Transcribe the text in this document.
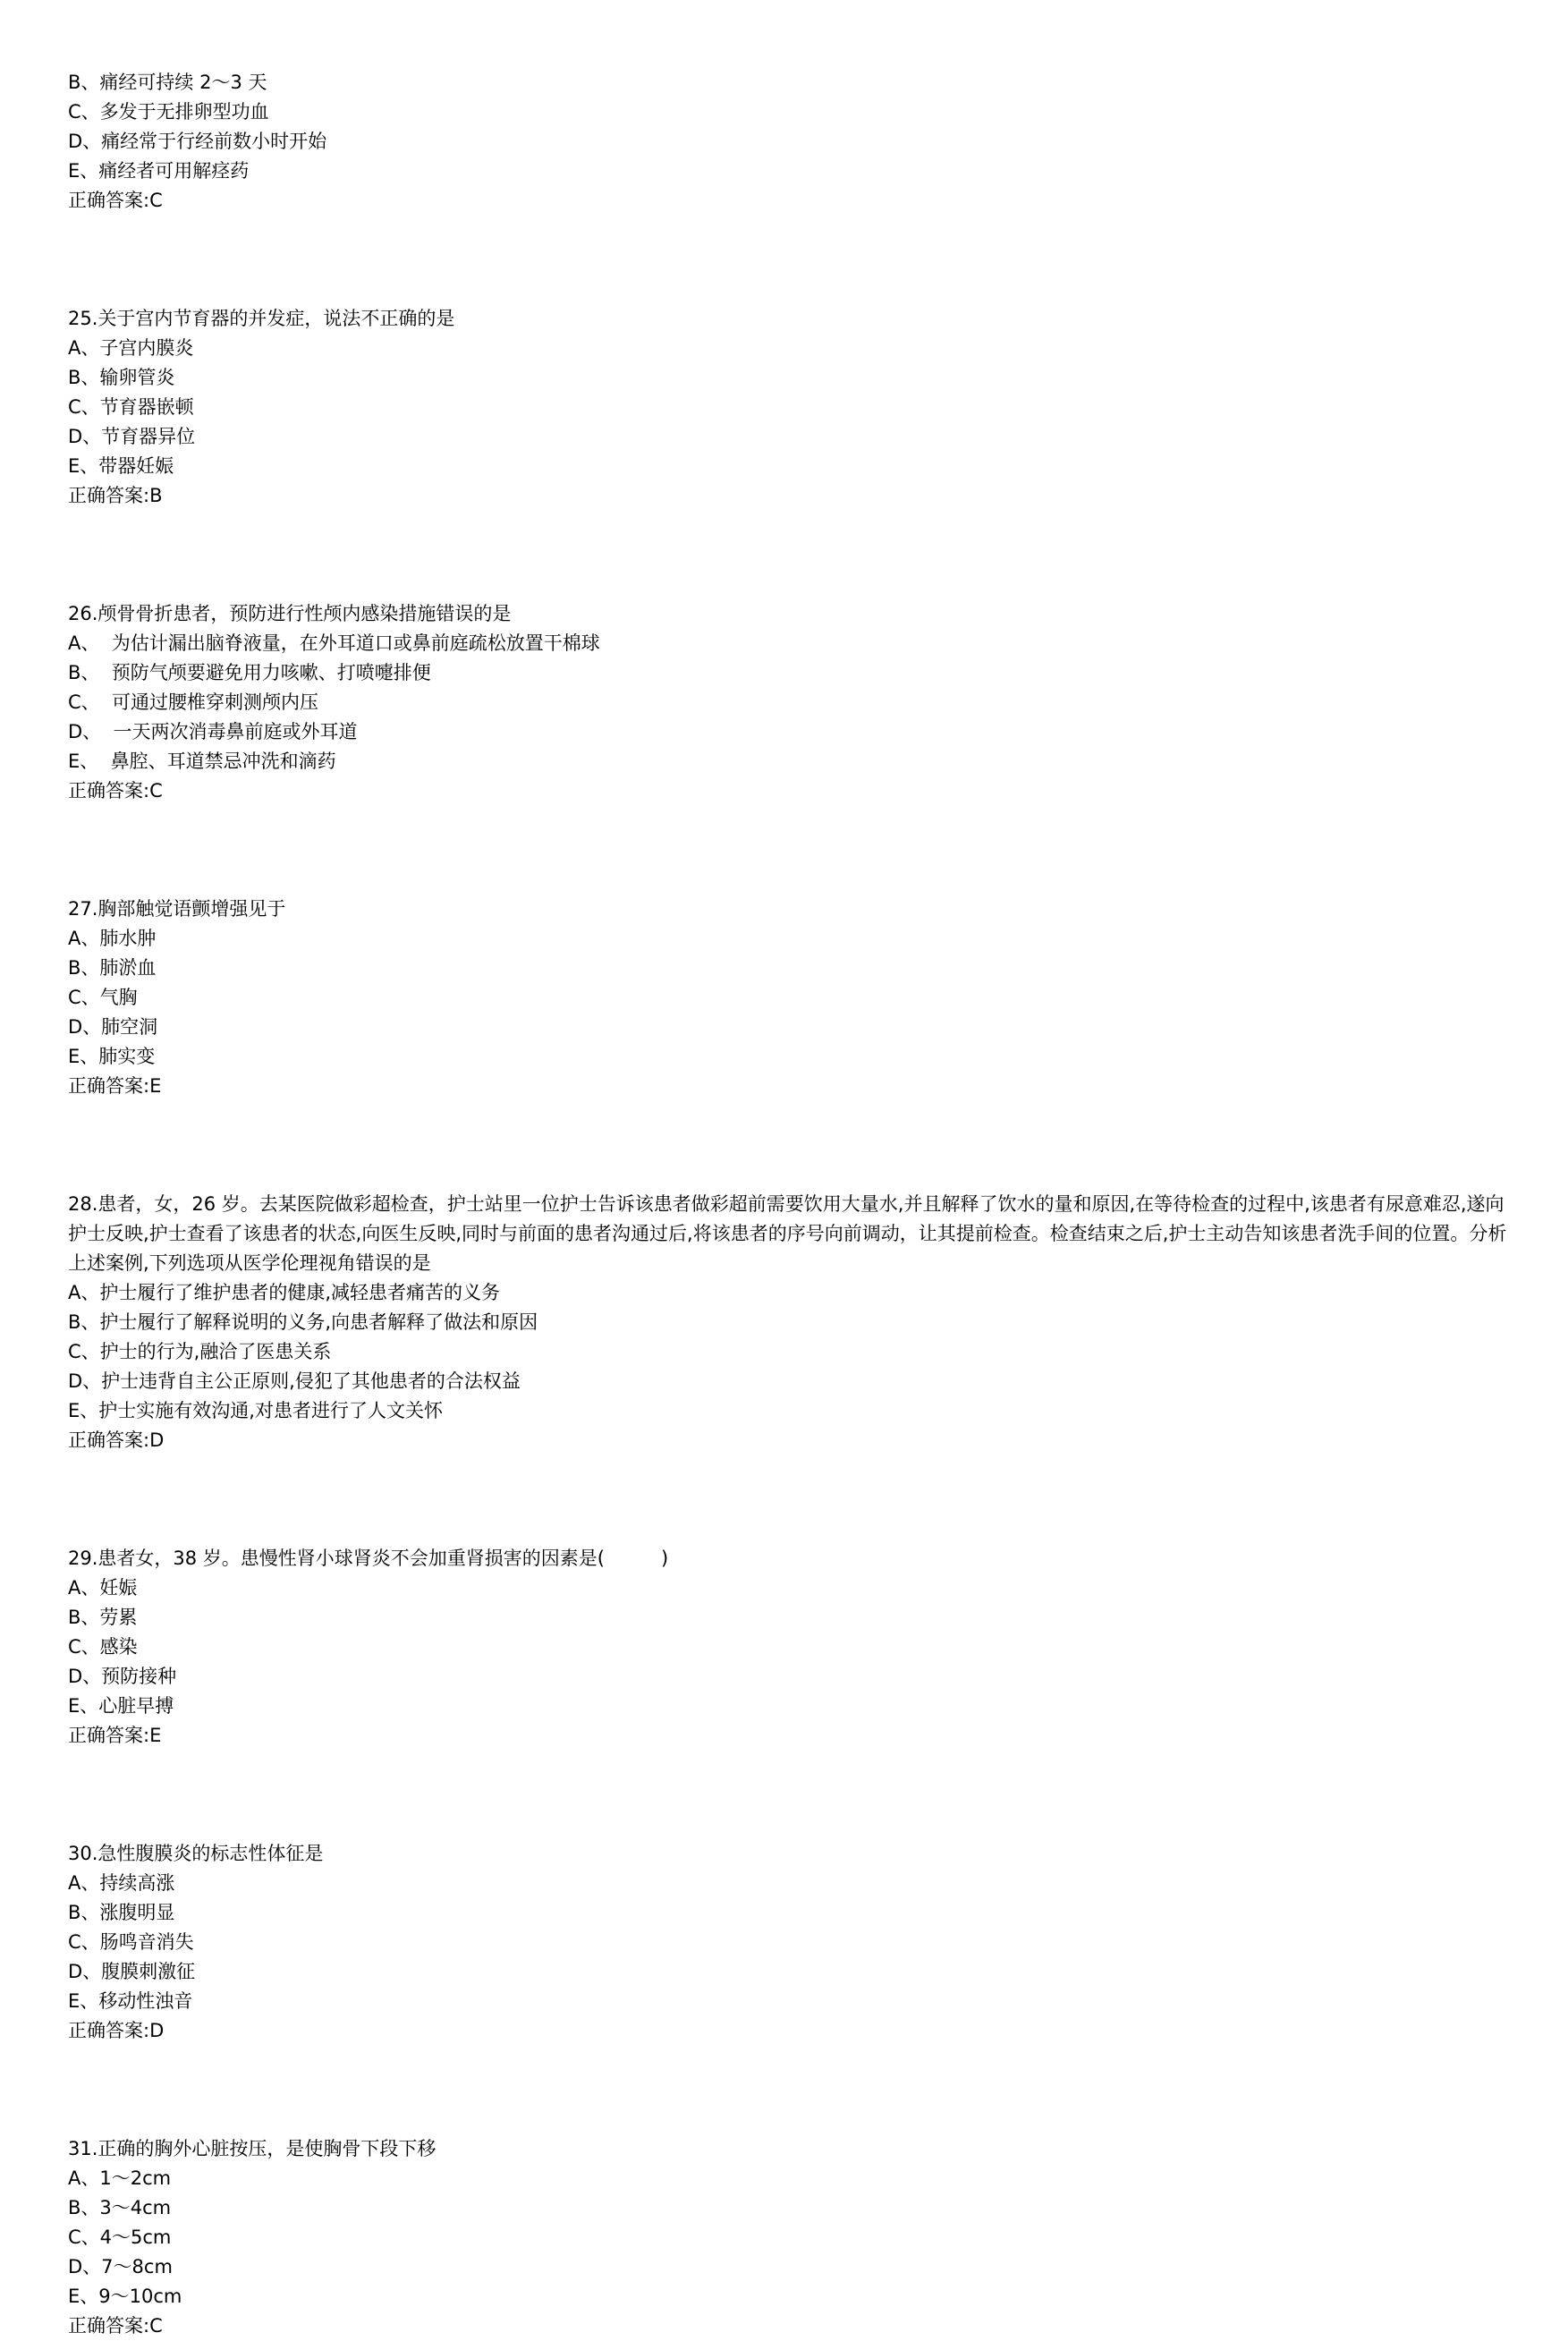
B、痛经可持续 2～3 天

C、多发于无排卵型功血

D、痛经常于行经前数小时开始

E、痛经者可用解痉药

正确答案:C

25.关于宫内节育器的并发症，说法不正确的是

A、子宫内膜炎

B、输卵管炎

C、节育器嵌顿

D、节育器异位

E、带器妊娠

正确答案:B

26.颅骨骨折患者，预防进行性颅内感染措施错误的是

A、  为估计漏出脑脊液量，在外耳道口或鼻前庭疏松放置干棉球

B、  预防气颅要避免用力咳嗽、打喷嚏排便

C、  可通过腰椎穿刺测颅内压

D、  一天两次消毒鼻前庭或外耳道

E、  鼻腔、耳道禁忌冲洗和滴药

正确答案:C

27.胸部触觉语颤增强见于

A、肺水肿

B、肺淤血

C、气胸

D、肺空洞

E、肺实变

正确答案:E

28.患者，女，26 岁。去某医院做彩超检查，护士站里一位护士告诉该患者做彩超前需要饮用大量水,并且解释了饮水的量和原因,在等待检查的过程中,该患者有尿意难忍,遂向护士反映,护士查看了该患者的状态,向医生反映,同时与前面的患者沟通过后,将该患者的序号向前调动，让其提前检查。检查结束之后,护士主动告知该患者洗手间的位置。分析上述案例,下列选项从医学伦理视角错误的是

A、护士履行了维护患者的健康,减轻患者痛苦的义务

B、护士履行了解释说明的义务,向患者解释了做法和原因

C、护士的行为,融洽了医患关系

D、护士违背自主公正原则,侵犯了其他患者的合法权益

E、护士实施有效沟通,对患者进行了人文关怀

正确答案:D

29.患者女，38 岁。患慢性肾小球肾炎不会加重肾损害的因素是(　　　)

A、妊娠

B、劳累

C、感染

D、预防接种

E、心脏早搏

正确答案:E

30.急性腹膜炎的标志性体征是

A、持续高涨

B、涨腹明显

C、肠鸣音消失

D、腹膜刺激征

E、移动性浊音

正确答案:D

31.正确的胸外心脏按压，是使胸骨下段下移

A、1～2cm

B、3～4cm

C、4～5cm

D、7～8cm

E、9～10cm

正确答案:C
